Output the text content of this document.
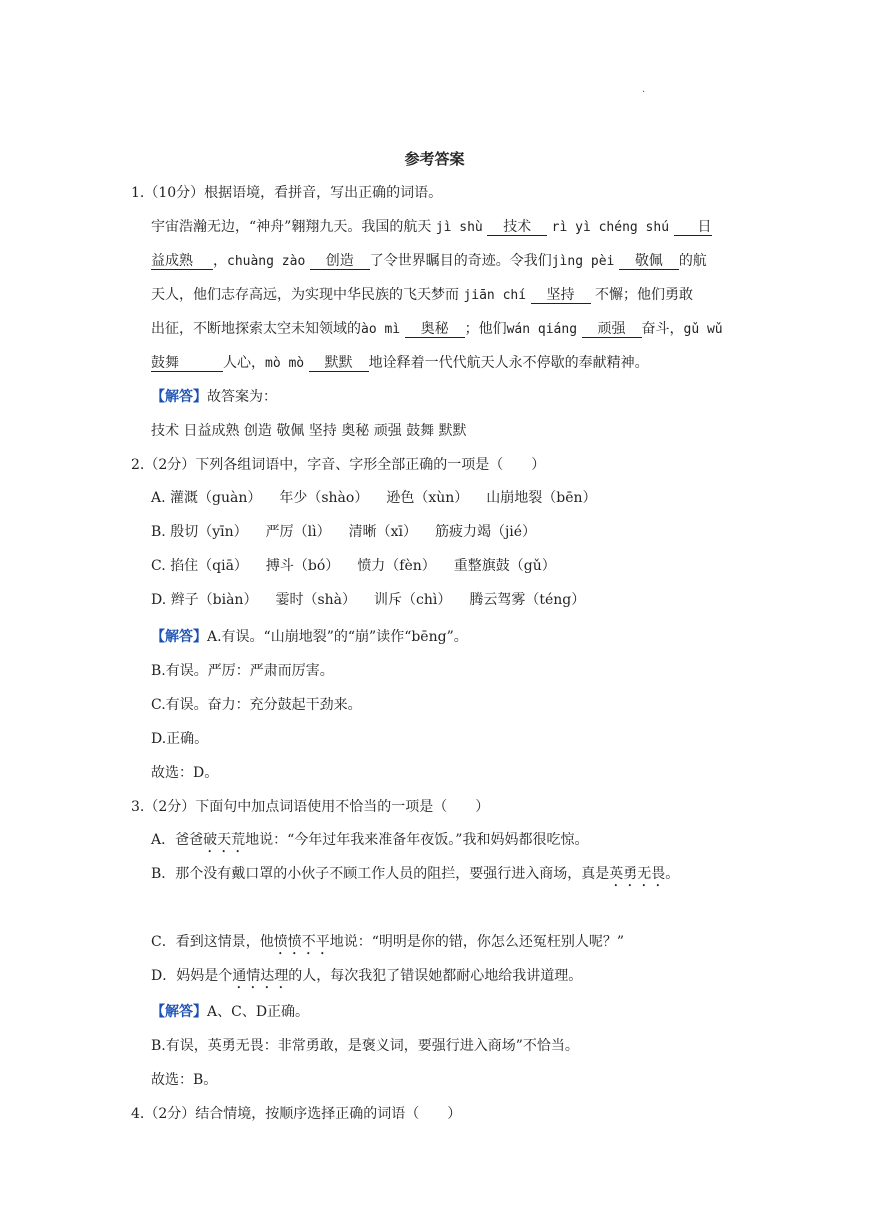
.
参考答案
1.（10分）根据语境，看拼音，写出正确的词语。
宇宙浩瀚无边，“神舟”翱翔九天。我国的航天 jì shù 技术 rì yì chéng shú 日
益成熟 ，chuàng zào 创造 了令世界瞩目的奇迹。令我们jìng pèi 敬佩 的航
天人，他们志存高远，为实现中华民族的飞天梦而 jiān chí 坚持 不懈；他们勇敢
出征，不断地探索太空未知领域的ào mì 奥秘 ；他们wán qiáng 顽强 奋斗，gǔ wǔ
鼓舞	人心，mò mò 默默 地诠释着一代代航天人永不停歇的奉献精神。
【解答】故答案为：
技术 日益成熟 创造 敬佩 坚持 奥秘 顽强 鼓舞 默默
2.（2分）下列各组词语中，字音、字形全部正确的一项是（　　）
A. 灌溉（guàn） 年少（shào） 逊色（xùn） 山崩地裂（bēn）
B. 殷切（yīn） 严厉（lì） 清晰（xī） 筋疲力竭（jié）
C. 掐住（qiā） 搏斗（bó） 愤力（fèn） 重整旗鼓（gǔ）
D. 辫子（biàn） 霎时（shà） 训斥（chì） 腾云驾雾（téng）
【解答】A.有误。“山崩地裂”的“崩”读作“bēng”。
B.有误。严厉：严肃而厉害。
C.有误。奋力：充分鼓起干劲来。
D.正确。
故选：D。
3.（2分）下面句中加点词语使用不恰当的一项是（　　）
A．爸爸破天荒地说：“今年过年我来准备年夜饭。”我和妈妈都很吃惊。
B．那个没有戴口罩的小伙子不顾工作人员的阻拦，要强行进入商场，真是英勇无畏。
C．看到这情景，他愤愤不平地说：“明明是你的错，你怎么还冤枉别人呢？”
D．妈妈是个通情达理的人，每次我犯了错误她都耐心地给我讲道理。
【解答】A、C、D正确。
B.有误，英勇无畏：非常勇敢，是褒义词，要强行进入商场”不恰当。
故选：B。
4.（2分）结合情境，按顺序选择正确的词语（　　）
